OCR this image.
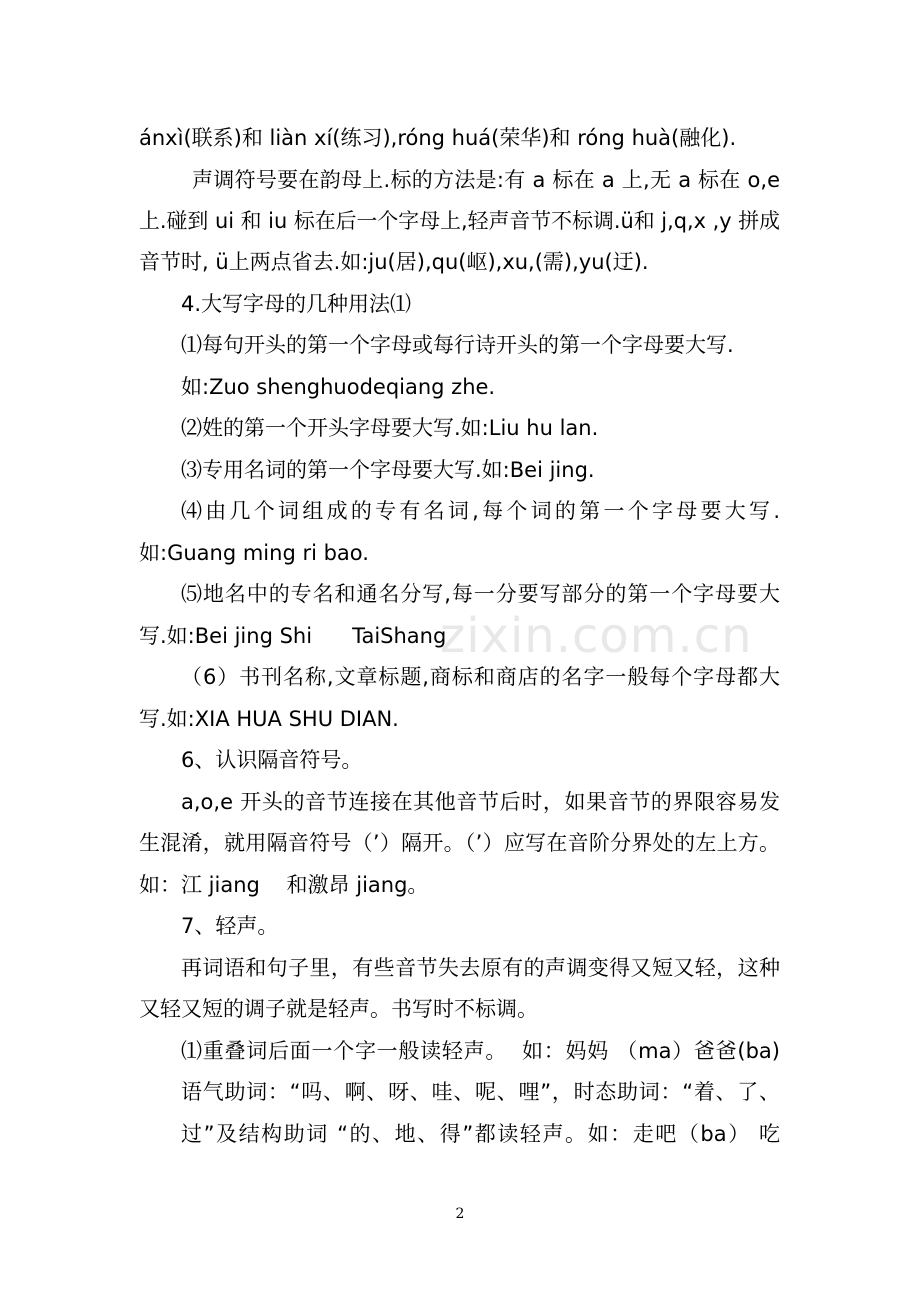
ánxì(联系)和 liàn xí(练习),róng huá(荣华)和 róng huà(融化).
声调符号要在韵母上.标的方法是:有 a 标在 a 上,无 a 标在 o,e
上.碰到 ui 和 iu 标在后一个字母上,轻声音节不标调.ü和 j,q,x ,y 拼成
音节时, ü上两点省去.如:ju(居),qu(岖),xu,(需),yu(迂).
4.大写字母的几种用法⑴
⑴每句开头的第一个字母或每行诗开头的第一个字母要大写.
如:Zuo shenghuodeqiang zhe.
⑵姓的第一个开头字母要大写.如:Liu hu lan.
⑶专用名词的第一个字母要大写.如:Bei jing.
⑷由几个词组成的专有名词,每个词的第一个字母要大写.
如:Guang ming ri bao.
⑸地名中的专名和通名分写,每一分要写部分的第一个字母要大
写.如:Bei jing Shi      TaiShang
（6）书刊名称,文章标题,商标和商店的名字一般每个字母都大
写.如:XIA HUA SHU DIAN.
6、认识隔音符号。
a,o,e 开头的音节连接在其他音节后时，如果音节的界限容易发
生混淆，就用隔音符号（’）隔开。（’）应写在音阶分界处的左上方。
如：江 jiang    和激昂 jiang。
7、轻声。
再词语和句子里，有些音节失去原有的声调变得又短又轻，这种
又轻又短的调子就是轻声。书写时不标调。
⑴重叠词后面一个字一般读轻声。  如：妈妈 （ma）爸爸(ba)
语气助词：“吗、啊、呀、哇、呢、哩”，时态助词：“着、了、
过”及结构助词 “的、地、得”都读轻声。如：走吧（ba） 吃
zixin.com.cn
2
